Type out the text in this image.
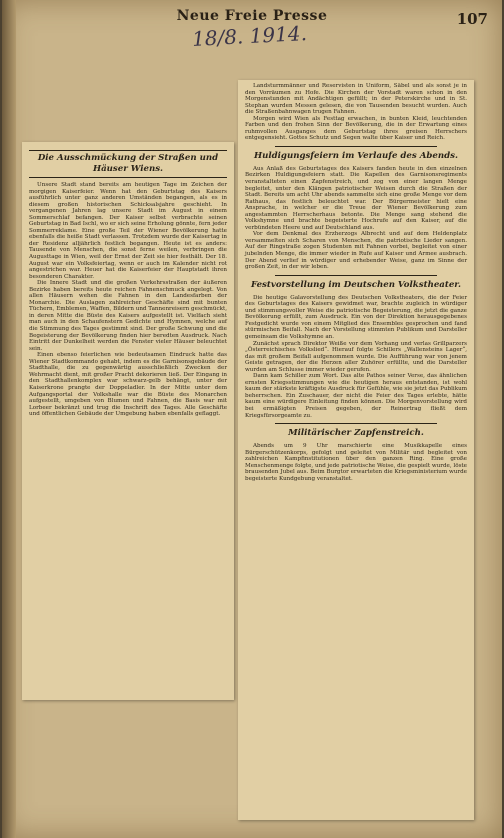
Neue Freie Presse	107
18/8. 1914.
Die Ausschmückung der Straßen und Häuser Wiens.

Unsere Stadt stand bereits am heutigen Tage im Zeichen der morgigen Kaiserfeier. Wenn hat den Geburtstag des Kaisers ausführlich unter ganz anderen Umständen begangen, als es in diesem großen historischen Schicksalsjahre geschieht. In vergangenen Jahren lag unsere Stadt im August in einem Sommerschlaf befangen. Der Kaiser selbst verbrachte seinen Geburtstag in Bad Ischl, wo er sich seine Erholung gönnte, fern jeder Sommerreklame. Eine große Teil der Wiener Bevölkerung hatte ebenfalls die heiße Stadt verlassen. Trotzdem wurde der Kaisertag in der Residenz alljährlich festlich begangen. Heute ist es anders: Tausende von Menschen, die sonst ferne weilen, verbringen die Augusttage in Wien, weil der Ernst der Zeit sie hier festhält. Der 18. August war ein Volksfeiertag, wenn er auch im Kalender nicht rot angestrichen war. Heuer hat die Kaiserfeier der Hauptstadt ihren besonderen Charakter.

Die Innere Stadt und die großen Verkehrsstraßen der äußeren Bezirke haben bereits heute reichen Fahnenschmuck angelegt. Von allen Häusern wehen die Fahnen in den Landesfarben der Monarchie. Die Auslagen zahlreicher Geschäfte sind mit bunten Tüchern, Emblemen, Waffen, Bildern und Tannenreisern geschmückt, in deren Mitte die Büste des Kaisers aufgestellt ist. Vielfach sieht man auch in den Schaufenstern Gedichte und Hymnen, welche auf die Stimmung des Tages gestimmt sind. Der große Schwung und die Begeisterung der Bevölkerung finden hier beredten Ausdruck. Nach Eintritt der Dunkelheit werden die Fenster vieler Häuser beleuchtet sein.

Einen ebenso feierlichen wie bedeutsamen Eindruck hatte das Wiener Stadtkommando gehabt, indem es die Garnisonsgebäude der Stadthalle, die zu gegenwärtig ausschließlich Zwecken der Wehrmacht dient, mit großer Pracht dekorieren ließ. Der Eingang in den Stadthallenkomplex war schwarz-gelb behängt, unter der Kaiserkrone prangte der Doppeladler. In der Mitte unter dem Aufgangsportal der Volkshalle war die Büste des Monarchen aufgestellt, umgeben von Blumen und Fahnen, die Basis war mit Lorbeer bekränzt und trug die Inschrift des Tages. Alle Geschäfte und öffentlichen Gebäude der Umgebung haben ebenfalls geflaggt.

Landsturmmänner und Reservisten in Uniform, Säbel und als sonst je in den Vorräumen zu Hofe. Die Kirchen der Vorstadt waren schon in den Morgenstunden mit Andächtigen gefüllt; in der Peterskirche und in St. Stephan wurden Messen gelesen, die von Tausenden besucht wurden. Auch die Straßenbahnwagen trugen Fahnen.

Morgen wird Wien als Festtag erwachen, in bunten Kleid, leuchtenden Farben und den frohen Sinn der Bevölkerung, die in der Erwartung eines ruhmvollen Ausganges dem Geburtstag ihres greisen Herrschers entgegensieht. Gottes Schutz und Segen walte über Kaiser und Reich.

Huldigungsfeiern im Verlaufe des Abends.

Aus Anlaß des Geburtstages des Kaisers fanden heute in den einzelnen Bezirken Huldigungsfeiern statt. Die Kapellen des Garnisonsregiments veranstalteten einen Zapfenstreich, und zog von einer langen Menge begleitet, unter den Klängen patriotischer Weisen durch die Straßen der Stadt. Bereits um acht Uhr abends sammelte sich eine große Menge vor dem Rathaus, das festlich beleuchtet war. Der Bürgermeister hielt eine Ansprache, in welcher er die Treue der Wiener Bevölkerung zum angestammten Herrscherhaus betonte. Die Menge sang stehend die Volkshymne und brachte begeisterte Hochrufe auf den Kaiser, auf die verbündeten Heere und auf Deutschland aus.

Vor dem Denkmal des Erzherzogs Albrecht und auf dem Heldenplatz versammelten sich Scharen von Menschen, die patriotische Lieder sangen. Auf der Ringstraße zogen Studenten mit Fahnen vorbei, begleitet von einer jubelnden Menge, die immer wieder in Rufe auf Kaiser und Armee ausbrach. Der Abend verlief in würdiger und erhebender Weise, ganz im Sinne der großen Zeit, in der wir leben.

Festvorstellung im Deutschen Volkstheater.

Die heutige Galavorstellung des Deutschen Volkstheaters, die der Feier des Geburtstages des Kaisers gewidmet war, brachte zugleich in würdiger und stimmungsvoller Weise die patriotische Begeisterung, die jetzt die ganze Bevölkerung erfüllt, zum Ausdruck. Ein von der Direktion herausgegebenes Festgedicht wurde von einem Mitglied des Ensembles gesprochen und fand stürmischen Beifall. Nach der Vorstellung stimmten Publikum und Darsteller gemeinsam die Volkshymne an.

Zunächst sprach Direktor Weiße vor dem Vorhang und verlas Grillparzers „Österreichisches Volkslied“. Hierauf folgte Schillers „Wallensteins Lager“, das mit großem Beifall aufgenommen wurde. Die Aufführung war von jenem Geiste getragen, der die Herzen aller Zuhörer erfüllte, und die Darsteller wurden am Schlusse immer wieder gerufen.

Dann kam Schiller zum Wort. Das alte Pathos seiner Verse, das ähnlichen ernsten Kriegsstimmungen wie die heutigen heraus entstanden, ist wohl kaum der stärkste kräftigste Ausdruck für Gefühle, wie sie jetzt das Publikum beherrschen. Ein Zuschauer, der nicht die Feier des Tages erlebte, hätte kaum eine würdigere Einleitung finden können. Die Morgenvorstellung wird bei ermäßigten Preisen gegeben, der Reinertrag fließt dem Kriegsfürsorgeamte zu.

Militärischer Zapfenstreich.

Abends um 9 Uhr marschierte eine Musikkapelle eines Bürgerschützenkorps, gefolgt und geleitet von Militär und begleitet von zahlreichen Kampfinstitutionen über den ganzen Ring. Eine große Menschenmenge folgte, und jede patriotische Weise, die gespielt wurde, löste brausenden Jubel aus. Beim Burgtor erwarteten die Kriegsministerium wurde begeisterte Kundgebung veranstaltet.
